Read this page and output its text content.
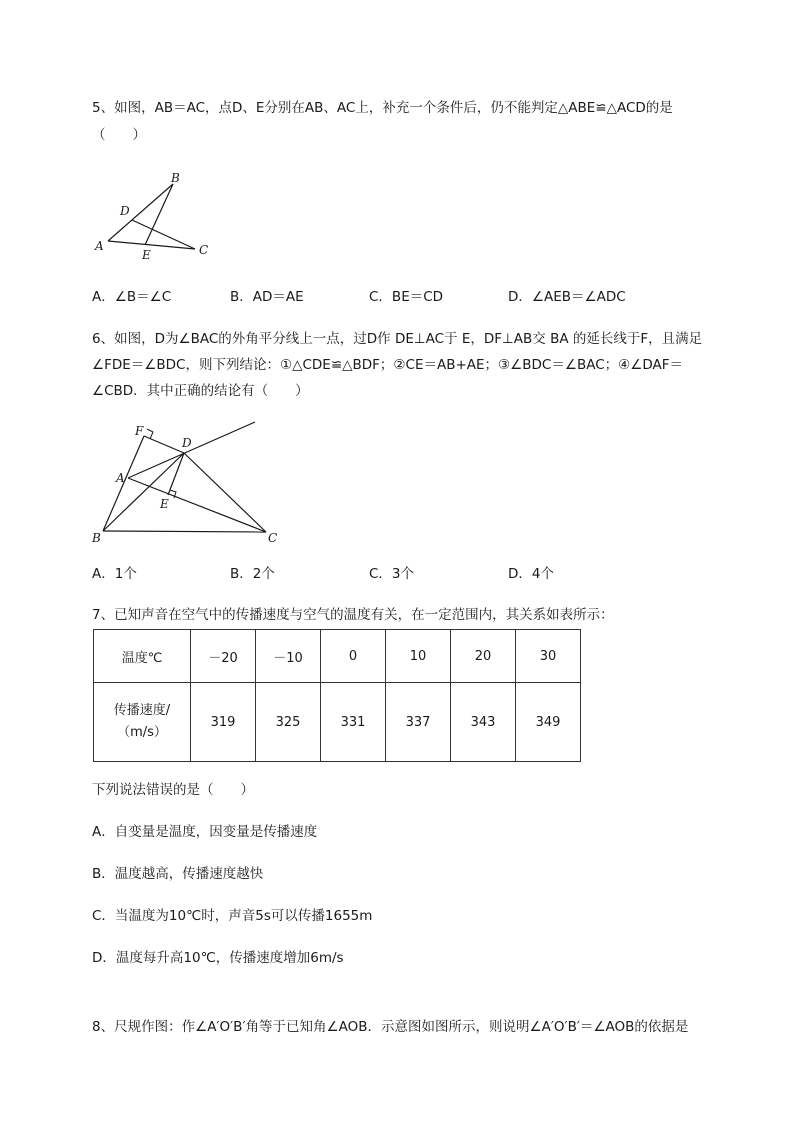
5、如图，AB＝AC，点D、E分别在AB、AC上，补充一个条件后，仍不能判定△ABE≌△ACD的是
（　　）
B
D
A
E	C
A．∠B＝∠C	B．AD＝AE	C．BE＝CD	D．∠AEB＝∠ADC
6、如图，D为∠BAC的外角平分线上一点，过D作 DE⊥AC于 E，DF⊥AB交 BA 的延长线于F，且满足
∠FDE＝∠BDC，则下列结论：①△CDE≌△BDF；②CE＝AB+AE；③∠BDC＝∠BAC；④∠DAF＝
∠CBD．其中正确的结论有（　　）
F
D
A
E
B	C
A．1个	B．2个	C．3个	D．4个
7、已知声音在空气中的传播速度与空气的温度有关，在一定范围内，其关系如表所示：
温度℃	－20	－10	0	10	20	30

传播速度/
（m/s）	319	325	331	337	343	349
下列说法错误的是（　　）
A．自变量是温度，因变量是传播速度
B．温度越高，传播速度越快
C．当温度为10℃时，声音5s可以传播1655m
D．温度每升高10℃，传播速度增加6m/s
8、尺规作图：作∠A′O′B′角等于已知角∠AOB．示意图如图所示，则说明∠A′O′B′＝∠AOB的依据是
